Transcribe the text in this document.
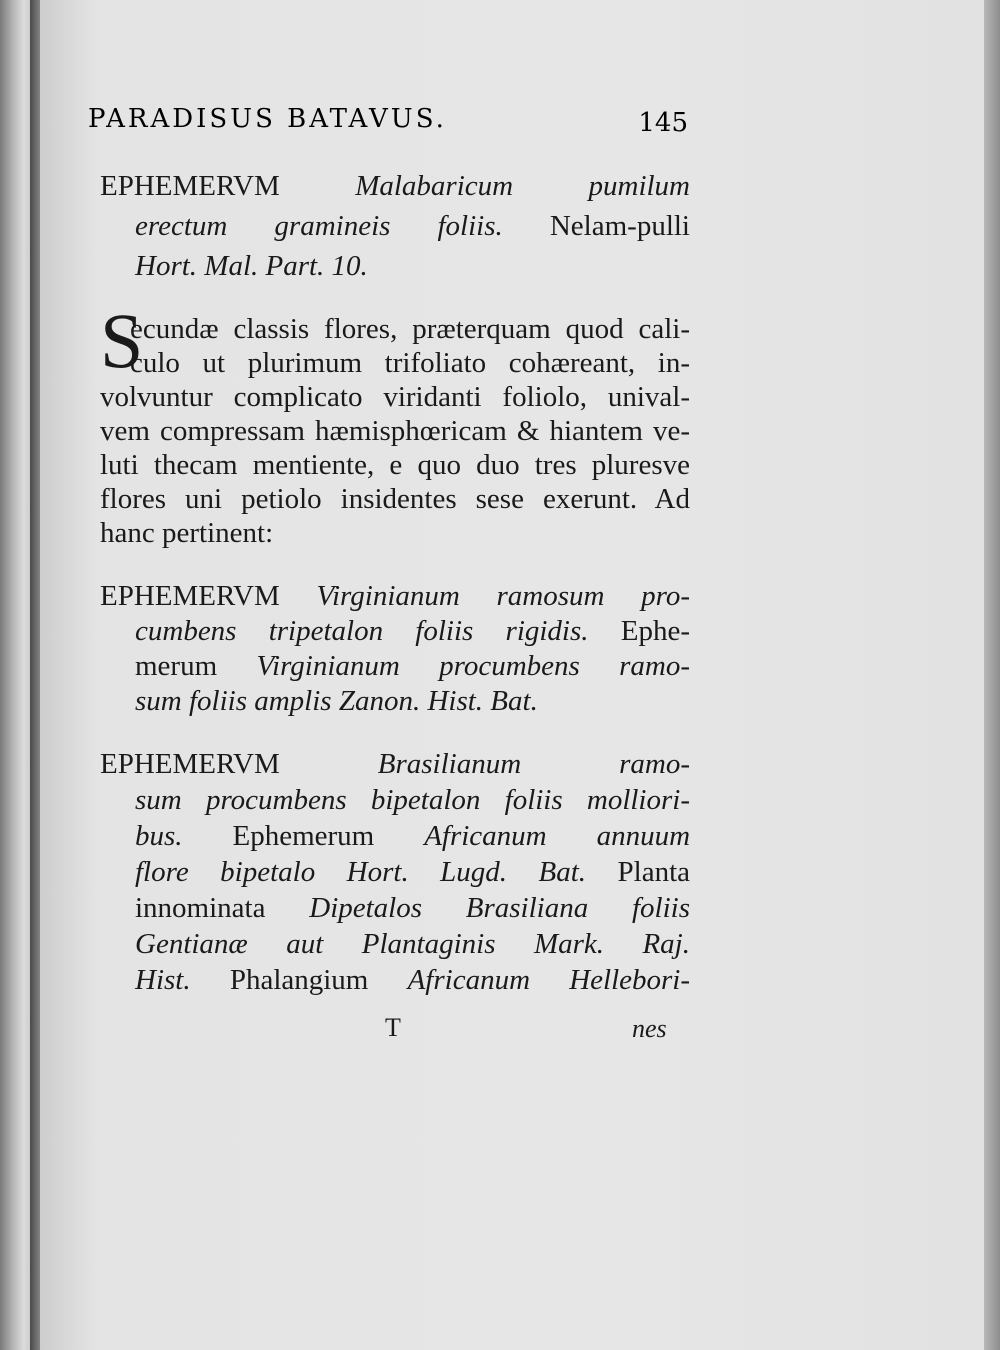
PARADISUS BATAVUS.	145
EPHEMERVM	Malabaricum pumilum
erectum gramineis foliis. Nelam-pulli
Hort. Mal. Part. 10.
ecundæ classis flores, præterquam quod cali-
culo ut plurimum trifoliato cohæreant, in-
volvuntur complicato viridanti foliolo, unival-
vem compressam hæmisphœricam & hiantem ve-
luti thecam mentiente, e quo duo tres pluresve
flores uni petiolo insidentes sese exerunt. Ad
hanc pertinent:
EPHEMERVM Virginianum ramosum pro-
cumbens tripetalon foliis rigidis. Ephe-
merum Virginianum procumbens ramo-
sum foliis amplis Zanon. Hist. Bat.
EPHEMERVM	Brasilianum ramo-
sum procumbens bipetalon foliis molliori-
bus. Ephemerum Africanum annuum
flore bipetalo Hort. Lugd. Bat. Planta
innominata Dipetalos Brasiliana foliis
Gentianæ aut Plantaginis Mark. Raj.
Hist. Phalangium Africanum Hellebori-
S
T	nes
